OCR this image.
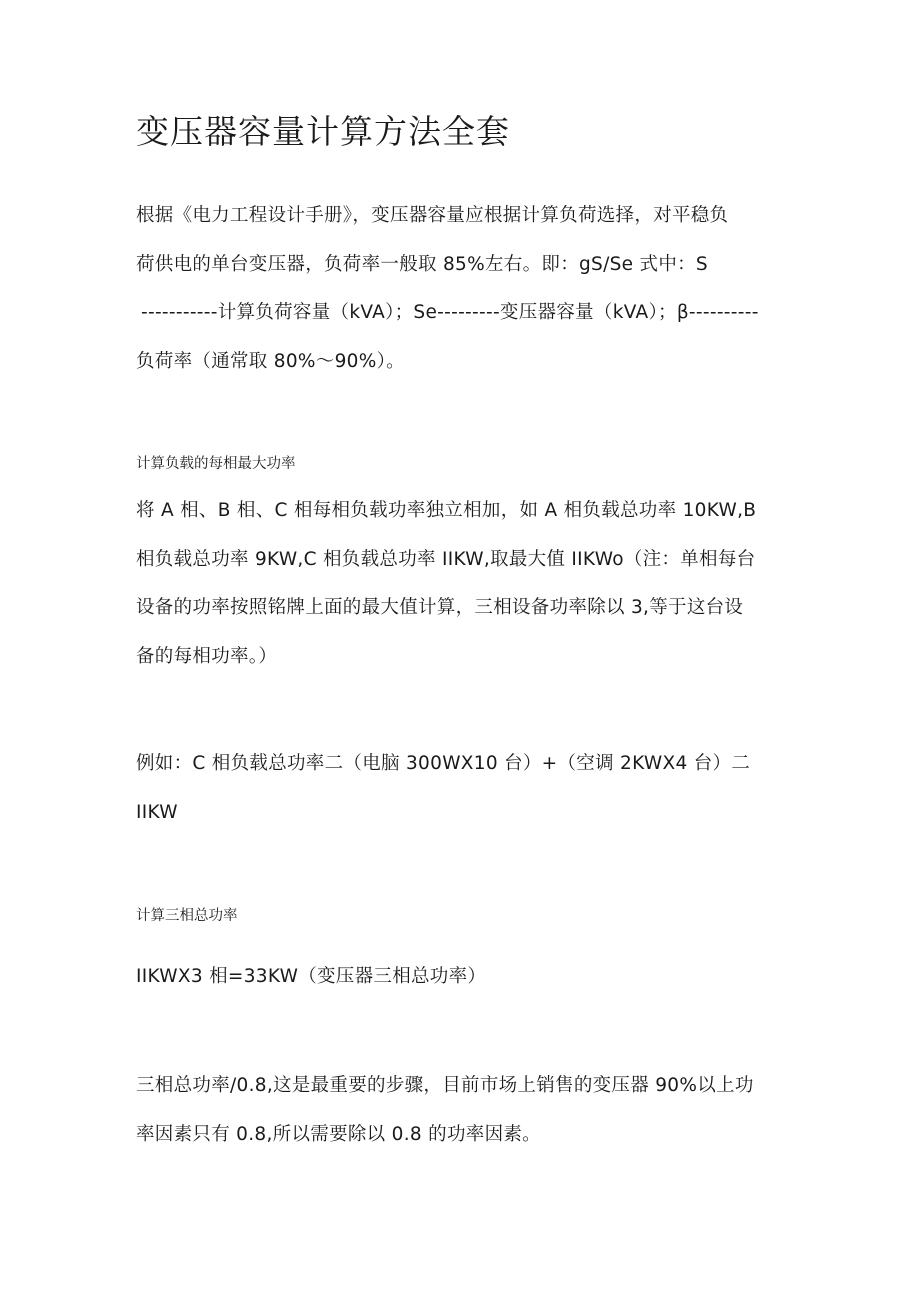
变压器容量计算方法全套
根据《电力工程设计手册》，变压器容量应根据计算负荷选择，对平稳负
荷供电的单台变压器，负荷率一般取 85%左右。即：gS/Se 式中：S
-----------计算负荷容量（kVA）；Se---------变压器容量（kVA）；β----------
负荷率（通常取 80%～90%）。

计算负载的每相最大功率

将 A 相、B 相、C 相每相负载功率独立相加，如 A 相负载总功率 10KW,B
相负载总功率 9KW,C 相负载总功率 IIKW,取最大值 IIKWo（注：单相每台
设备的功率按照铭牌上面的最大值计算，三相设备功率除以 3,等于这台设
备的每相功率。）
例如：C 相负载总功率二（电脑 300WX10 台）+（空调 2KWX4 台）二
IIKW

计算三相总功率

IIKWX3 相=33KW（变压器三相总功率）
三相总功率/0.8,这是最重要的步骤，目前市场上销售的变压器 90%以上功
率因素只有 0.8,所以需要除以 0.8 的功率因素。
